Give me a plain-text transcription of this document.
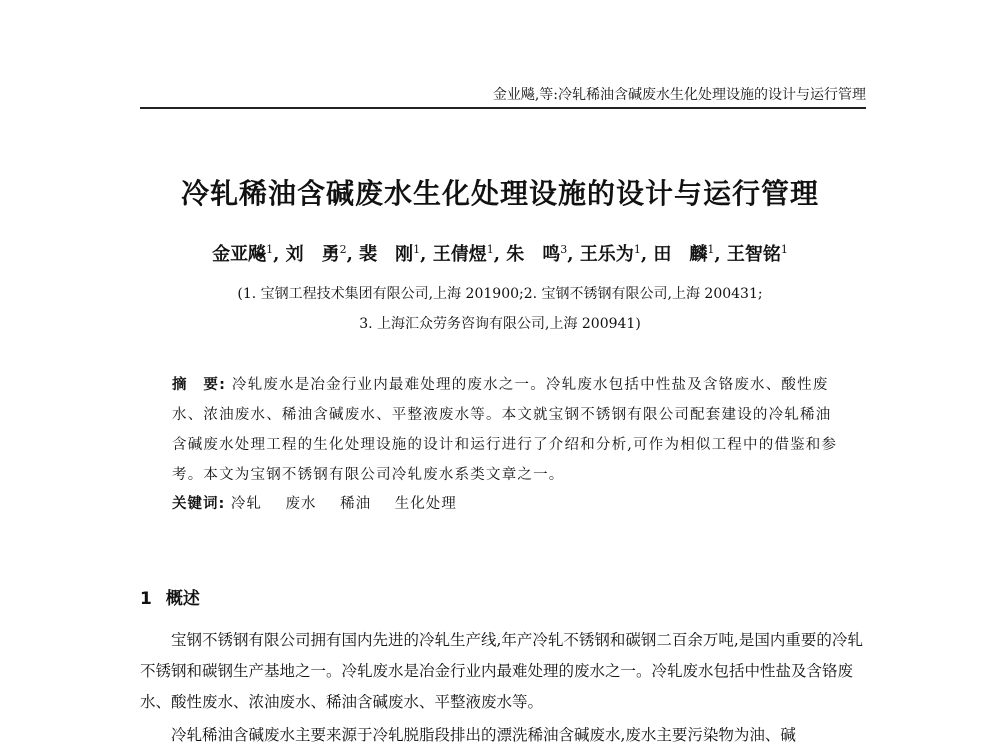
金业飚,等:冷轧稀油含碱废水生化处理设施的设计与运行管理
冷轧稀油含碱废水生化处理设施的设计与运行管理
金亚飚$^1$, 刘　勇$^2$, 裴　刚$^1$, 王倩煜$^1$, 朱　鸣$^3$, 王乐为$^1$, 田　麟$^1$, 王智铭$^1$
(1. 宝钢工程技术集团有限公司,上海 201900;2. 宝钢不锈钢有限公司,上海 200431;
3. 上海汇众劳务咨询有限公司,上海 200941)
摘　要: 冷轧废水是冶金行业内最难处理的废水之一。冷轧废水包括中性盐及含铬废水、酸性废水、浓油废水、稀油含碱废水、平整液废水等。本文就宝钢不锈钢有限公司配套建设的冷轧稀油含碱废水处理工程的生化处理设施的设计和运行进行了介绍和分析,可作为相似工程中的借鉴和参考。本文为宝钢不锈钢有限公司冷轧废水系类文章之一。
关键词: 冷轧 废水 稀油 生化处理
1 概述
宝钢不锈钢有限公司拥有国内先进的冷轧生产线,年产冷轧不锈钢和碳钢二百余万吨,是国内重要的冷轧不锈钢和碳钢生产基地之一。冷轧废水是冶金行业内最难处理的废水之一。冷轧废水包括中性盐及含铬废水、酸性废水、浓油废水、稀油含碱废水、平整液废水等。
冷轧稀油含碱废水主要来源于冷轧脱脂段排出的漂洗稀油含碱废水,废水主要污染物为油、碱
